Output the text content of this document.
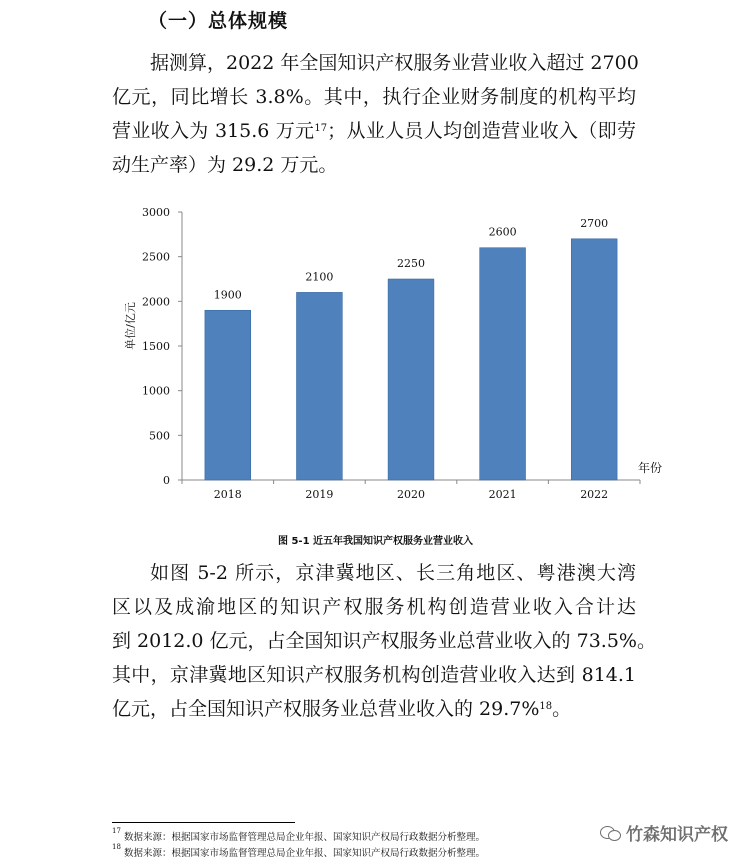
（一）总体规模
据测算，2022 年全国知识产权服务业营业收入超过 2700
亿元，同比增长 3.8%。其中，执行企业财务制度的机构平均
营业收入为 315.6 万元$^{17}$；从业人员人均创造营业收入（即劳
动生产率）为 29.2 万元。
0
500
1000
1500
2000
2500
3000
1900
2018
2100
2019
2250
2020
2600
2021
2700
2022
单位/亿元
年份
图 5-1 近五年我国知识产权服务业营业收入
如图 5-2 所示，京津冀地区、长三角地区、粤港澳大湾
区以及成渝地区的知识产权服务机构创造营业收入合计达
到 2012.0 亿元，占全国知识产权服务业总营业收入的 73.5%。
其中，京津冀地区知识产权服务机构创造营业收入达到 814.1
亿元，占全国知识产权服务业总营业收入的 29.7%$^{18}$。
$^{17}$ 数据来源：根据国家市场监督管理总局企业年报、国家知识产权局行政数据分析整理。
$^{18}$ 数据来源：根据国家市场监督管理总局企业年报、国家知识产权局行政数据分析整理。
竹森知识产权
